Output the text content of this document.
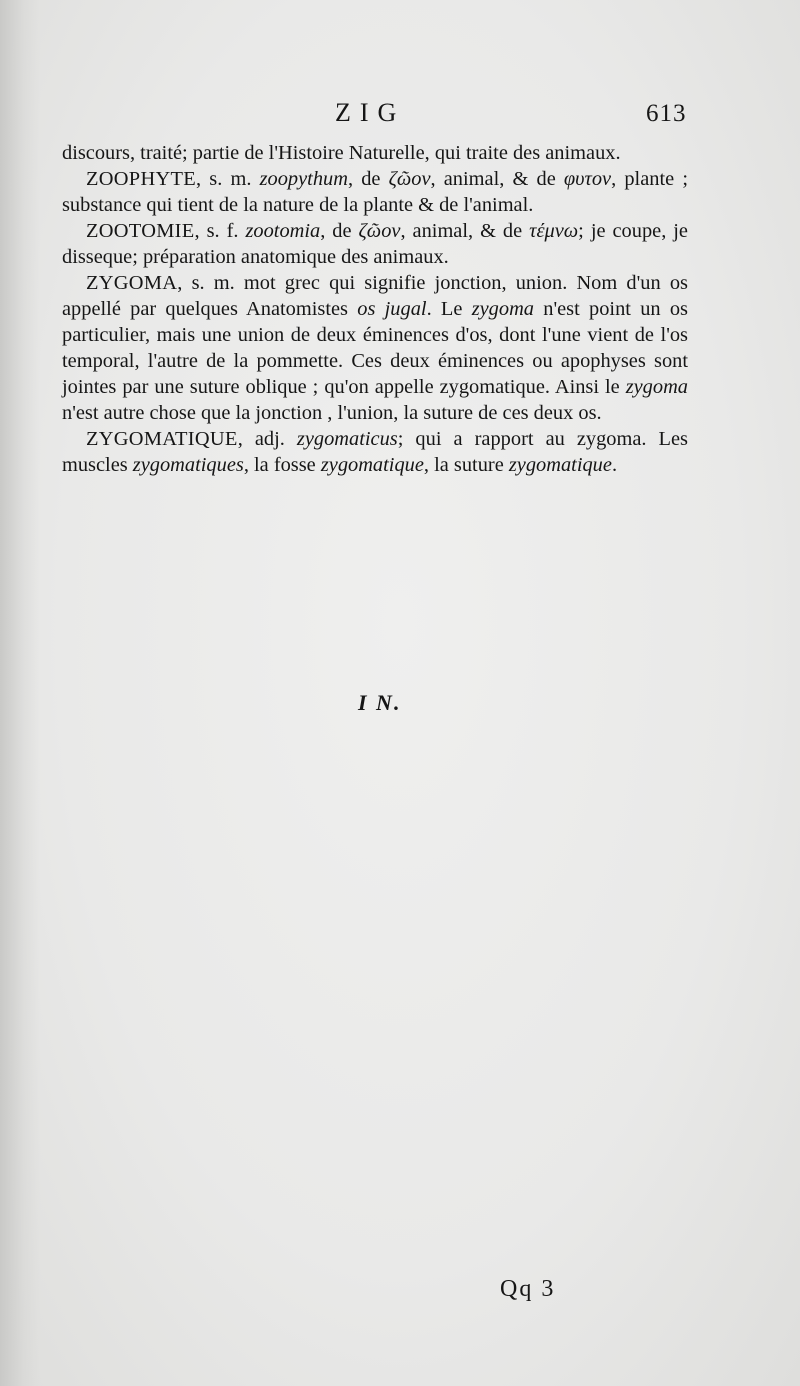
ZIG	613

discours, traité; partie de l'Histoire Naturelle, qui traite des animaux.

ZOOPHYTE, s. m. zoopythum, de ζῶον, animal, & de φυτον, plante ; substance qui tient de la nature de la plante & de l'animal.

ZOOTOMIE, s. f. zootomia, de ζῶον, animal, & de τέμνω; je coupe, je disseque; préparation anatomique des animaux.

ZYGOMA, s. m. mot grec qui signifie jonction, union. Nom d'un os appellé par quelques Anatomistes os jugal. Le zygoma n'est point un os particulier, mais une union de deux éminences d'os, dont l'une vient de l'os temporal, l'autre de la pommette. Ces deux éminences ou apophyses sont jointes par une suture oblique ; qu'on appelle zygomatique. Ainsi le zygoma n'est autre chose que la jonction , l'union, la suture de ces deux os.

ZYGOMATIQUE, adj. zygomaticus; qui a rapport au zygoma. Les muscles zygomatiques, la fosse zygomatique, la suture zygomatique.

I N.
Qq 3
